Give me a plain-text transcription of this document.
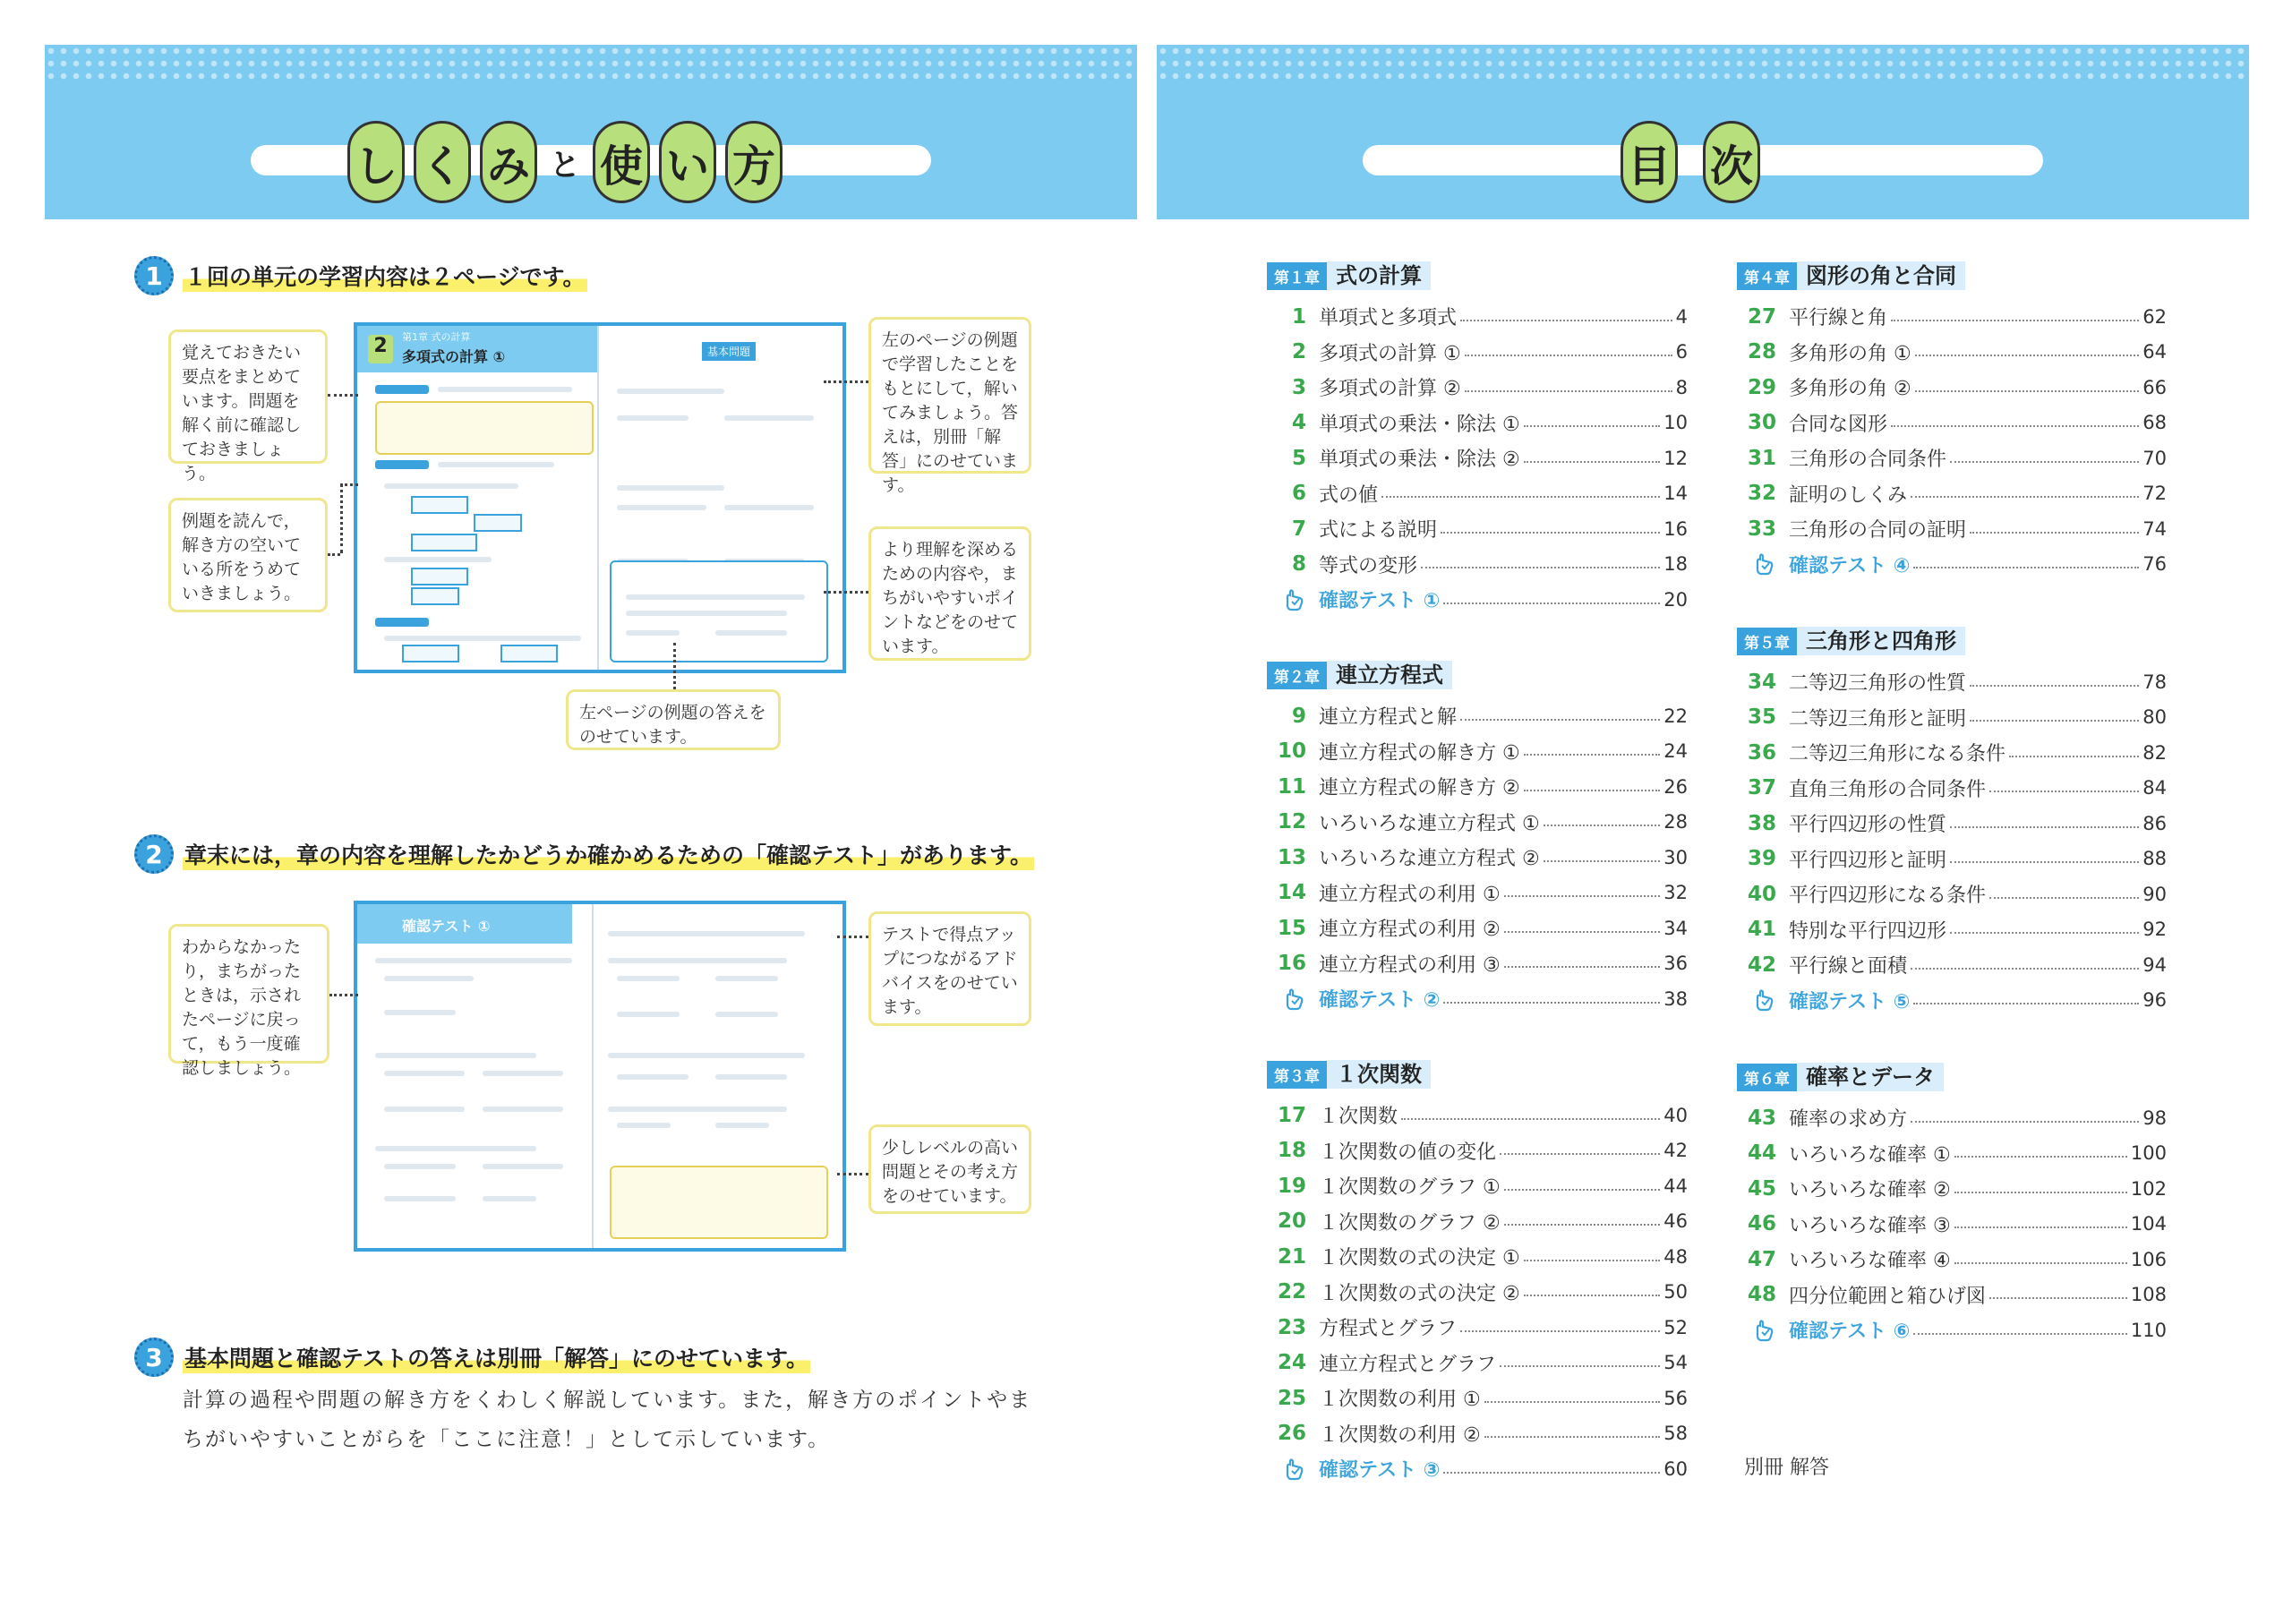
し く み と 使 い 方
1 １回の単元の学習内容は２ページです。
覚えておきたい要点をまとめています。問題を解く前に確認しておきましょう。
例題を読んで，解き方の空いている所をうめていきましょう。
左のページの例題で学習したことをもとにして，解いてみましょう。答えは，別冊「解答」にのせています。
より理解を深めるための内容や，まちがいやすいポイントなどをのせています。
左ページの例題の答えをのせています。
2	第1章 式の計算
多項式の計算 ①	基本問題
2 章末には，章の内容を理解したかどうか確かめるための「確認テスト」があります。
わからなかったり，まちがったときは，示されたページに戻って，もう一度確認しましょう。
テストで得点アップにつながるアドバイスをのせています。
少しレベルの高い問題とその考え方をのせています。
確認テスト ①
3 基本問題と確認テストの答えは別冊「解答」にのせています。
計算の過程や問題の解き方をくわしく解説しています。また，解き方のポイントやま
ちがいやすいことがらを「ここに注意！」として示しています。
目 次
第１章 式の計算
1 単項式と多項式	4
2 多項式の計算 ①	6
3 多項式の計算 ②	8
4 単項式の乗法・除法 ①	10
5 単項式の乗法・除法 ②	12
6 式の値	14
7 式による説明	16
8 等式の変形	18
確認テスト ①	20
第２章 連立方程式
9 連立方程式と解	22
10 連立方程式の解き方 ①	24
11 連立方程式の解き方 ②	26
12 いろいろな連立方程式 ①	28
13 いろいろな連立方程式 ②	30
14 連立方程式の利用 ①	32
15 連立方程式の利用 ②	34
16 連立方程式の利用 ③	36
確認テスト ②	38
第３章 １次関数
17 １次関数	40
18 １次関数の値の変化	42
19 １次関数のグラフ ①	44
20 １次関数のグラフ ②	46
21 １次関数の式の決定 ①	48
22 １次関数の式の決定 ②	50
23 方程式とグラフ	52
24 連立方程式とグラフ	54
25 １次関数の利用 ①	56
26 １次関数の利用 ②	58
確認テスト ③	60
第４章 図形の角と合同
27 平行線と角	62
28 多角形の角 ①	64
29 多角形の角 ②	66
30 合同な図形	68
31 三角形の合同条件	70
32 証明のしくみ	72
33 三角形の合同の証明	74
確認テスト ④	76
第５章 三角形と四角形
34 二等辺三角形の性質	78
35 二等辺三角形と証明	80
36 二等辺三角形になる条件	82
37 直角三角形の合同条件	84
38 平行四辺形の性質	86
39 平行四辺形と証明	88
40 平行四辺形になる条件	90
41 特別な平行四辺形	92
42 平行線と面積	94
確認テスト ⑤	96
第６章 確率とデータ
43 確率の求め方	98
44 いろいろな確率 ①	100
45 いろいろな確率 ②	102
46 いろいろな確率 ③	104
47 いろいろな確率 ④	106
48 四分位範囲と箱ひげ図	108
確認テスト ⑥	110
別冊 解答
